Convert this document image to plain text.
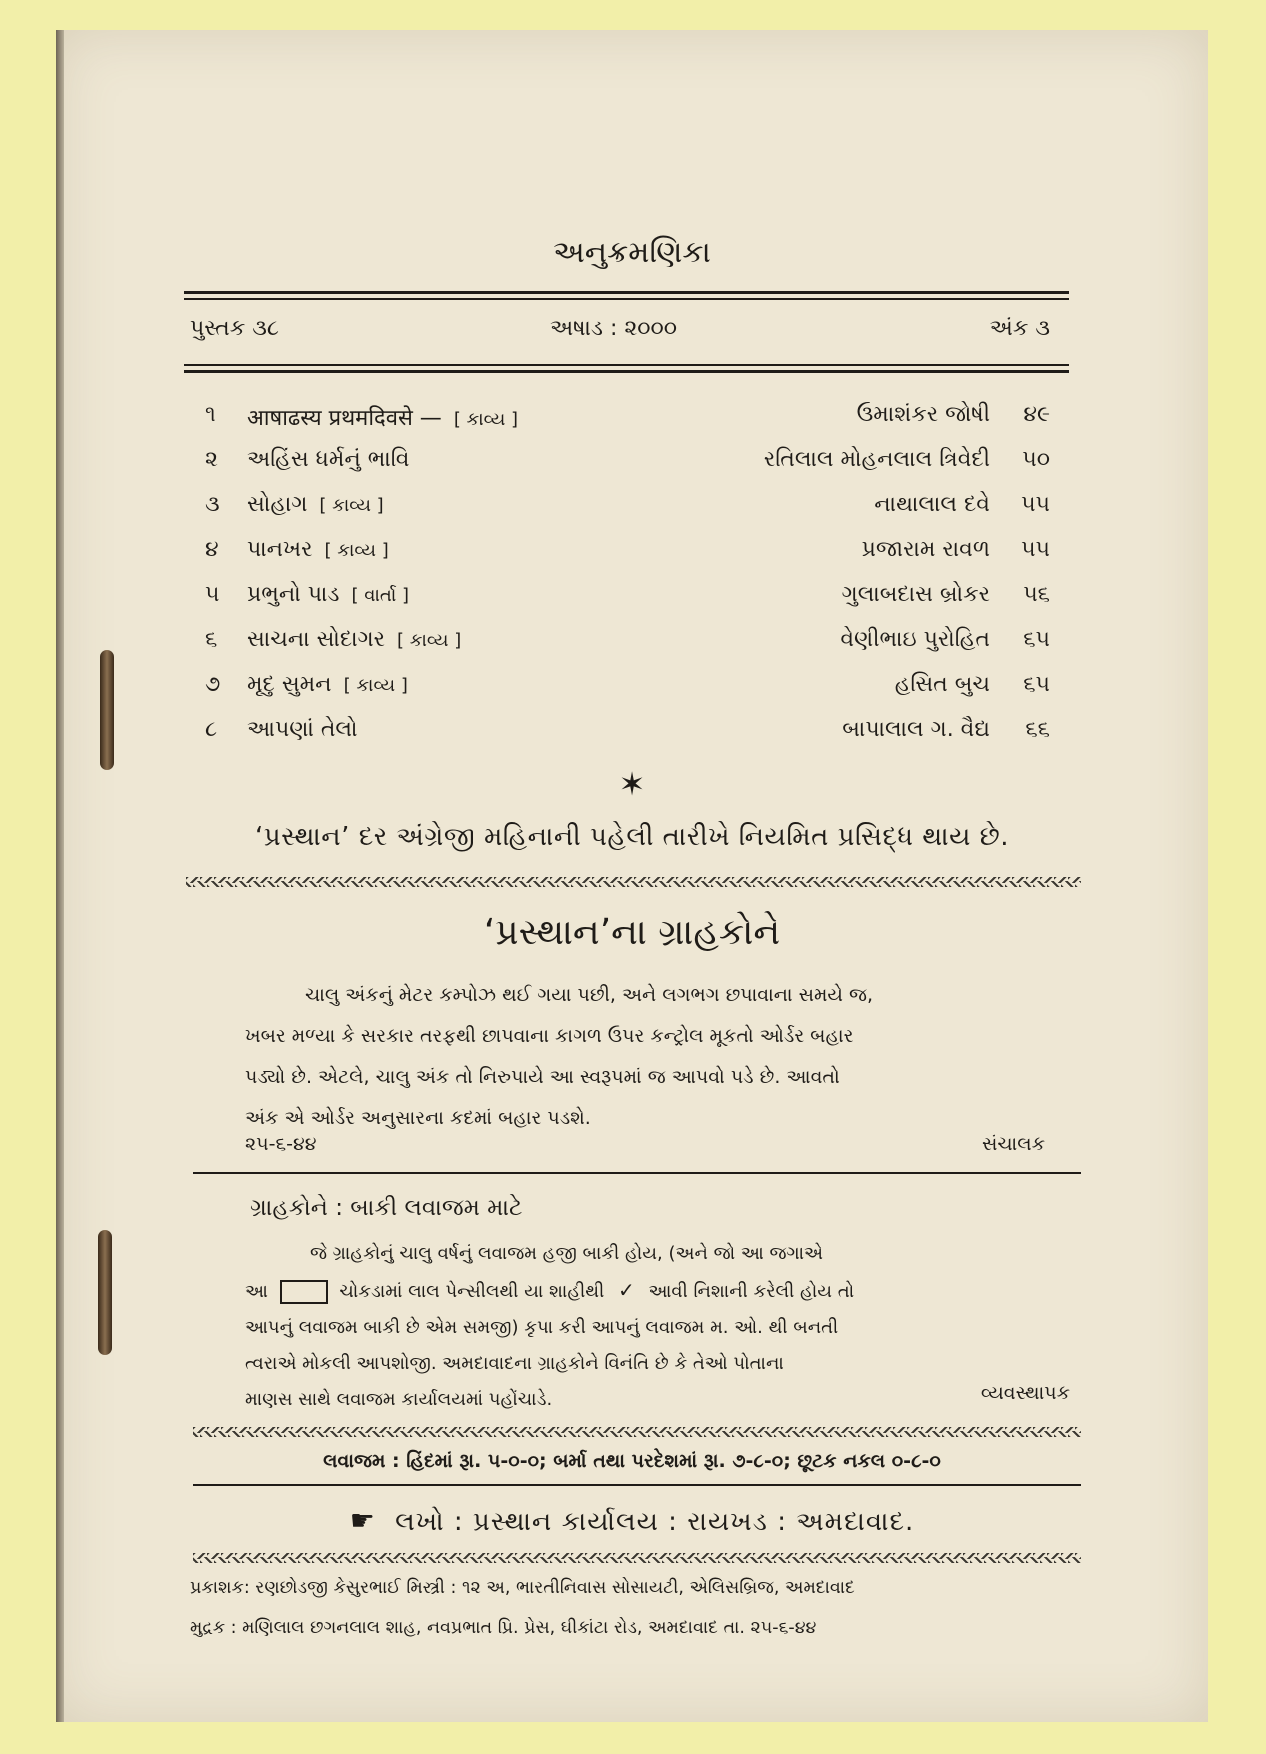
અનુક્રમણિકા
પુસ્તક ૩૮	અષાડ : ૨૦૦૦	અંક ૩
૧	आषाढस्य प्रथमदिवसे — [ કાવ્ય ]	ઉમાશંકર જોષી	૪૯
૨	અહિંસ ધર્મનું ભાવિ	રતિલાલ મોહનલાલ ત્રિવેદી	૫૦
૩	સોહાગ [ કાવ્ય ]	નાથાલાલ દવે	૫૫
૪	પાનખર [ કાવ્ય ]	પ્રજારામ રાવળ	૫૫
૫	પ્રભુનો પાડ [ વાર્તા ]	ગુલાબદાસ બ્રોકર	૫૬
૬	સાચના સોદાગર [ કાવ્ય ]	વેણીભાઇ પુરોહિત	૬૫
૭	મૃદુ સુમન [ કાવ્ય ]	હસિત બુચ	૬૫
૮	આપણાં તેલો	બાપાલાલ ગ. વૈદ્ય	૬૬
✶
‘પ્રસ્થાન’ દર અંગ્રેજી મહિનાની પહેલી તારીખે નિયમિત પ્રસિદ્ધ થાય છે.
‘પ્રસ્થાન’ના ગ્રાહકોને
ચાલુ અંકનું મેટર કમ્પોઝ થઈ ગયા પછી, અને લગભગ છપાવાના સમયે જ,
ખબર મળ્યા કે સરકાર તરફથી છાપવાના કાગળ ઉપર કન્ટ્રોલ મૂકતો ઓર્ડર બહાર
પડ્યો છે. એટલે, ચાલુ અંક તો નિરુપાયે આ સ્વરૂપમાં જ આપવો પડે છે. આવતો
અંક એ ઓર્ડર અનુસારના કદમાં બહાર પડશે.
૨૫-૬-૪૪	સંચાલક
ગ્રાહકોને : બાકી લવાજમ માટે
જે ગ્રાહકોનું ચાલુ વર્ષનું લવાજમ હજી બાકી હોય, (અને જો આ જગાએ
આ	ચોકડામાં લાલ પેન્સીલથી યા શાહીથી ✓ આવી નિશાની કરેલી હોય તો
આપનું લવાજમ બાકી છે એમ સમજી) કૃપા કરી આપનું લવાજમ મ. ઓ. થી બનતી
ત્વરાએ મોકલી આપશોજી. અમદાવાદના ગ્રાહકોને વિનંતિ છે કે તેઓ પોતાના
માણસ સાથે લવાજમ કાર્યાલયમાં પહોંચાડે.	વ્યવસ્થાપક
લવાજમ : હિંદમાં રૂા. ૫-૦-૦; બર્મા તથા પરદેશમાં રૂા. ૭-૮-૦; છૂટક નકલ ૦-૮-૦
☛ લખો : પ્રસ્થાન કાર્યાલય : રાયખડ : અમદાવાદ.
પ્રકાશક: રણછોડજી કેસુરભાઈ મિસ્ત્રી : ૧૨ અ, ભારતીનિવાસ સોસાયટી, એલિસબ્રિજ, અમદાવાદ
મુદ્રક : મણિલાલ છગનલાલ શાહ, નવપ્રભાત પ્રિ. પ્રેસ, ઘીકાંટા રોડ, અમદાવાદ તા. ૨૫-૬-૪૪
